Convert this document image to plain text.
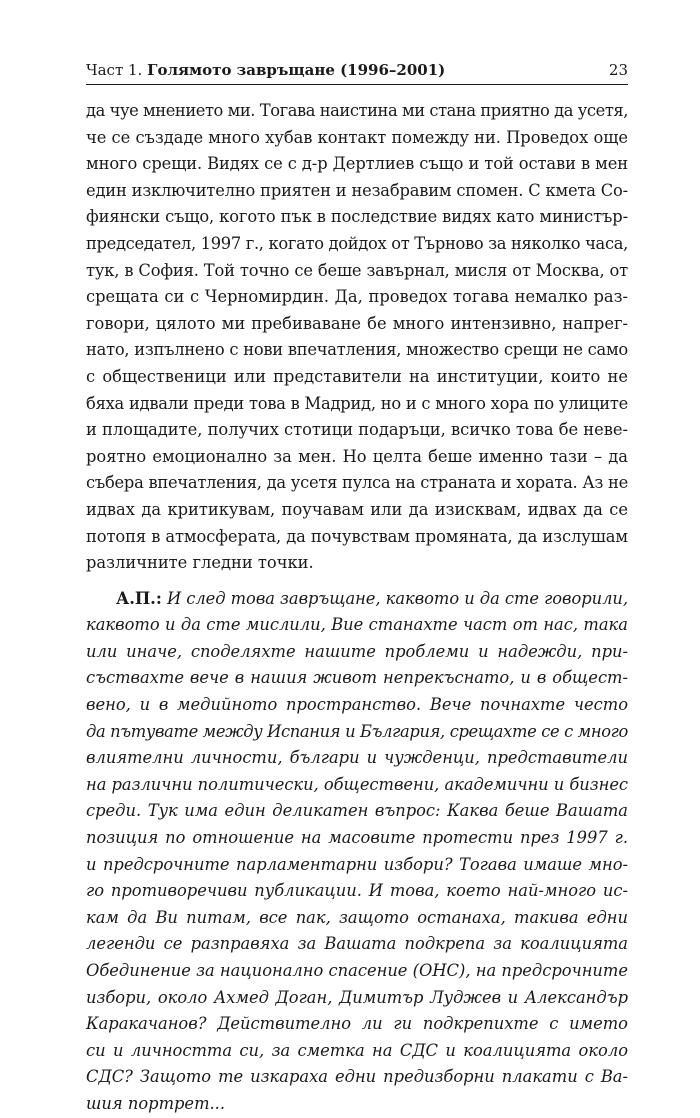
Част 1. Голямото завръщане (1996–2001)	23
да чуе мнението ми. Тогава наистина ми стана приятно да усетя,
че се създаде много хубав контакт помежду ни. Проведох още
много срещи. Видях се с д-р Дертлиев също и той остави в мен
един изключително приятен и незабравим спомен. С кмета Со-
фиянски също, когото пък в последствие видях като министър-
председател, 1997 г., когато дойдох от Търново за няколко часа,
тук, в София. Той точно се беше завърнал, мисля от Москва, от
срещата си с Черномирдин. Да, проведох тогава немалко раз-
говори, цялото ми пребиваване бе много интензивно, напрег-
нато, изпълнено с нови впечатления, множество срещи не само
с общественици или представители на институции, които не
бяха идвали преди това в Мадрид, но и с много хора по улиците
и площадите, получих стотици подаръци, всичко това бе неве-
роятно емоционално за мен. Но целта беше именно тази – да
събера впечатления, да усетя пулса на страната и хората. Аз не
идвах да критикувам, поучавам или да изисквам, идвах да се
потопя в атмосферата, да почувствам промяната, да изслушам
различните гледни точки.
А.П.: И след това завръщане, каквото и да сте говорили,
каквото и да сте мислили, Вие станахте част от нас, така
или иначе, споделяхте нашите проблеми и надежди, при-
съствахте вече в нашия живот непрекъснато, и в общест-
вено, и в медийното пространство. Вече почнахте често
да пътувате между Испания и България, срещахте се с много
влиятелни личности, българи и чужденци, представители
на различни политически, обществени, академични и бизнес
среди. Тук има един деликатен въпрос: Каква беше Вашата
позиция по отношение на масовите протести през 1997 г.
и предсрочните парламентарни избори? Тогава имаше мно-
го противоречиви публикации. И това, което най-много ис-
кам да Ви питам, все пак, защото останаха, такива едни
легенди се разправяха за Вашата подкрепа за коалицията
Обединение за национално спасение (ОНС), на предсрочните
избори, около Ахмед Доган, Димитър Луджев и Александър
Каракачанов? Действително ли ги подкрепихте с името
си и личността си, за сметка на СДС и коалицията около
СДС? Защото те изкараха едни предизборни плакати с Ва-
шия портрет...
